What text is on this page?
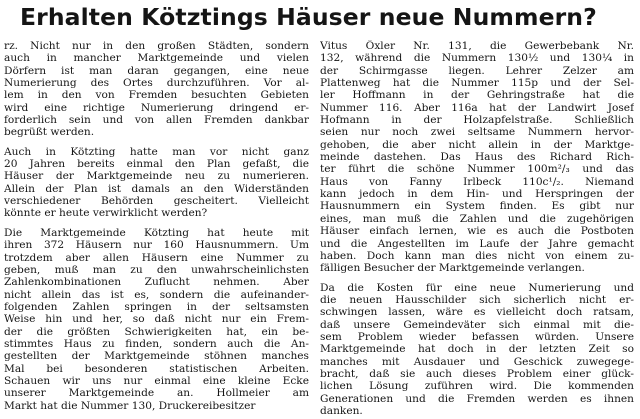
Erhalten Kötztings Häuser neue Nummern?

rz. Nicht nur in den großen Städten, sondern
auch in mancher Marktgemeinde und vielen
Dörfern ist man daran gegangen, eine neue
Numerierung des Ortes durchzuführen. Vor al-
lem in den von Fremden besuchten Gebieten
wird eine richtige Numerierung dringend er-
forderlich sein und von allen Fremden dankbar
begrüßt werden.

Auch in Kötzting hatte man vor nicht ganz
20 Jahren bereits einmal den Plan gefaßt, die
Häuser der Marktgemeinde neu zu numerieren.
Allein der Plan ist damals an den Widerständen
verschiedener Behörden gescheitert. Vielleicht
könnte er heute verwirklicht werden?

Die Marktgemeinde Kötzting hat heute mit
ihren 372 Häusern nur 160 Hausnummern. Um
trotzdem aber allen Häusern eine Nummer zu
geben, muß man zu den unwahrscheinlichsten
Zahlenkombinationen Zuflucht nehmen. Aber
nicht allein das ist es, sondern die aufeinander-
folgenden Zahlen springen in der seltsamsten
Weise hin und her, so daß nicht nur ein Frem-
der die größten Schwierigkeiten hat, ein be-
stimmtes Haus zu finden, sondern auch die An-
gestellten der Marktgemeinde stöhnen manches
Mal bei besonderen statistischen Arbeiten.
Schauen wir uns nur einmal eine kleine Ecke
unserer Marktgemeinde an. Hollmeier am
Markt hat die Nummer 130, Druckereibesitzer

Vitus Öxler Nr. 131, die Gewerbebank Nr.
132, während die Nummern 130½ und 130¼ in
der Schirmgasse liegen. Lehrer Zelzer am
Plattenweg hat die Nummer 115p und der Sel-
ler Hoffmann in der Gehringstraße hat die
Nummer 116. Aber 116a hat der Landwirt Josef
Hofmann in der Holzapfelstraße. Schließlich
seien nur noch zwei seltsame Nummern hervor-
gehoben, die aber nicht allein in der Marktge-
meinde dastehen. Das Haus des Richard Rich-
ter führt die schöne Nummer 100m²/₃ und das
Haus von Fanny Irlbeck 110c¹/₂. Niemand
kann jedoch in dem Hin- und Herspringen der
Hausnummern ein System finden. Es gibt nur
eines, man muß die Zahlen und die zugehörigen
Häuser einfach lernen, wie es auch die Postboten
und die Angestellten im Laufe der Jahre gemacht
haben. Doch kann man dies nicht von einem zu-
fälligen Besucher der Marktgemeinde verlangen.

Da die Kosten für eine neue Numerierung und
die neuen Hausschilder sich sicherlich nicht er-
schwingen lassen, wäre es vielleicht doch ratsam,
daß unsere Gemeindeväter sich einmal mit die-
sem Problem wieder befassen würden. Unsere
Marktgemeinde hat doch in der letzten Zeit so
manches mit Ausdauer und Geschick zuwegege-
bracht, daß sie auch dieses Problem einer glück-
lichen Lösung zuführen wird. Die kommenden
Generationen und die Fremden werden es ihnen
danken.
